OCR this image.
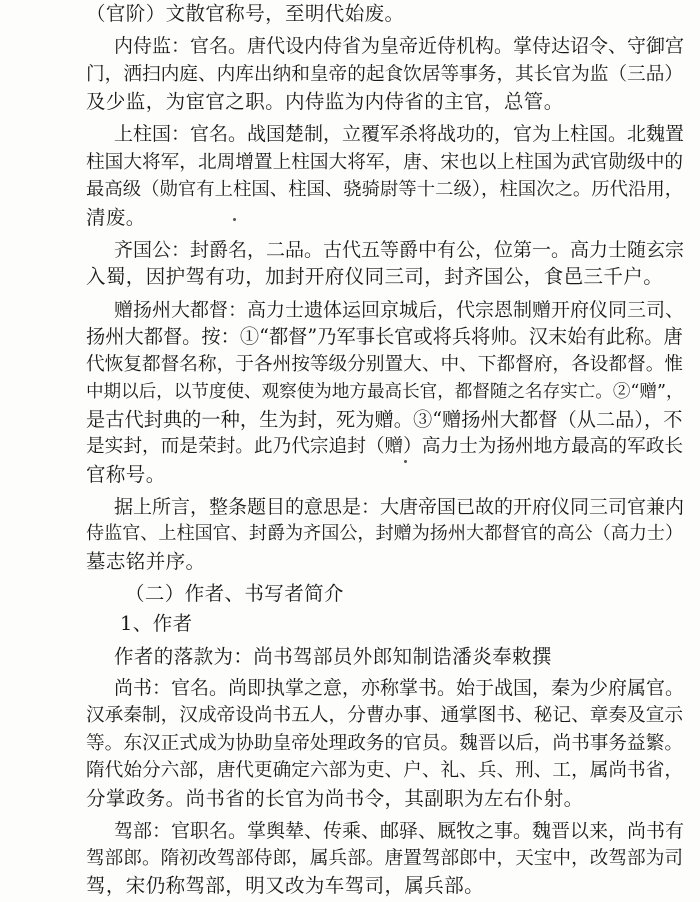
（官阶）文散官称号，至明代始废。
内侍监：官名。唐代设内侍省为皇帝近侍机构。掌侍达诏令、守御宫
门，洒扫内庭、内库出纳和皇帝的起食饮居等事务，其长官为监（三品）
及少监，为宦官之职。内侍监为内侍省的主官，总管。
上柱国：官名。战国楚制，立覆军杀将战功的，官为上柱国。北魏置
柱国大将军，北周增置上柱国大将军，唐、宋也以上柱国为武官勋级中的
最高级（勋官有上柱国、柱国、骁骑尉等十二级），柱国次之。历代沿用，
清废。
齐国公：封爵名，二品。古代五等爵中有公，位第一。高力士随玄宗
入蜀，因护驾有功，加封开府仪同三司，封齐国公，食邑三千户。
赠扬州大都督：高力士遗体运回京城后，代宗恩制赠开府仪同三司、
扬州大都督。按：①“都督”乃军事长官或将兵将帅。汉末始有此称。唐
代恢复都督名称，于各州按等级分别置大、中、下都督府，各设都督。惟
中期以后，以节度使、观察使为地方最高长官，都督随之名存实亡。②“赠”，
是古代封典的一种，生为封，死为赠。③“赠扬州大都督（从二品），不
是实封，而是荣封。此乃代宗追封（赠）高力士为扬州地方最高的军政长
官称号。
据上所言，整条题目的意思是：大唐帝国已故的开府仪同三司官兼内
侍监官、上柱国官、封爵为齐国公，封赠为扬州大都督官的高公（高力士）
墓志铭并序。
（二）作者、书写者简介
1、作者
作者的落款为：尚书驾部员外郎知制诰潘炎奉敕撰
尚书：官名。尚即执掌之意，亦称掌书。始于战国，秦为少府属官。
汉承秦制，汉成帝设尚书五人，分曹办事、通掌图书、秘记、章奏及宣示
等。东汉正式成为协助皇帝处理政务的官员。魏晋以后，尚书事务益繁。
隋代始分六部，唐代更确定六部为吏、户、礼、兵、刑、工，属尚书省，
分掌政务。尚书省的长官为尚书令，其副职为左右仆射。
驾部：官职名。掌舆辇、传乘、邮驿、厩牧之事。魏晋以来，尚书有
驾部郎。隋初改驾部侍郎，属兵部。唐置驾部郎中，天宝中，改驾部为司
驾，宋仍称驾部，明又改为车驾司，属兵部。
